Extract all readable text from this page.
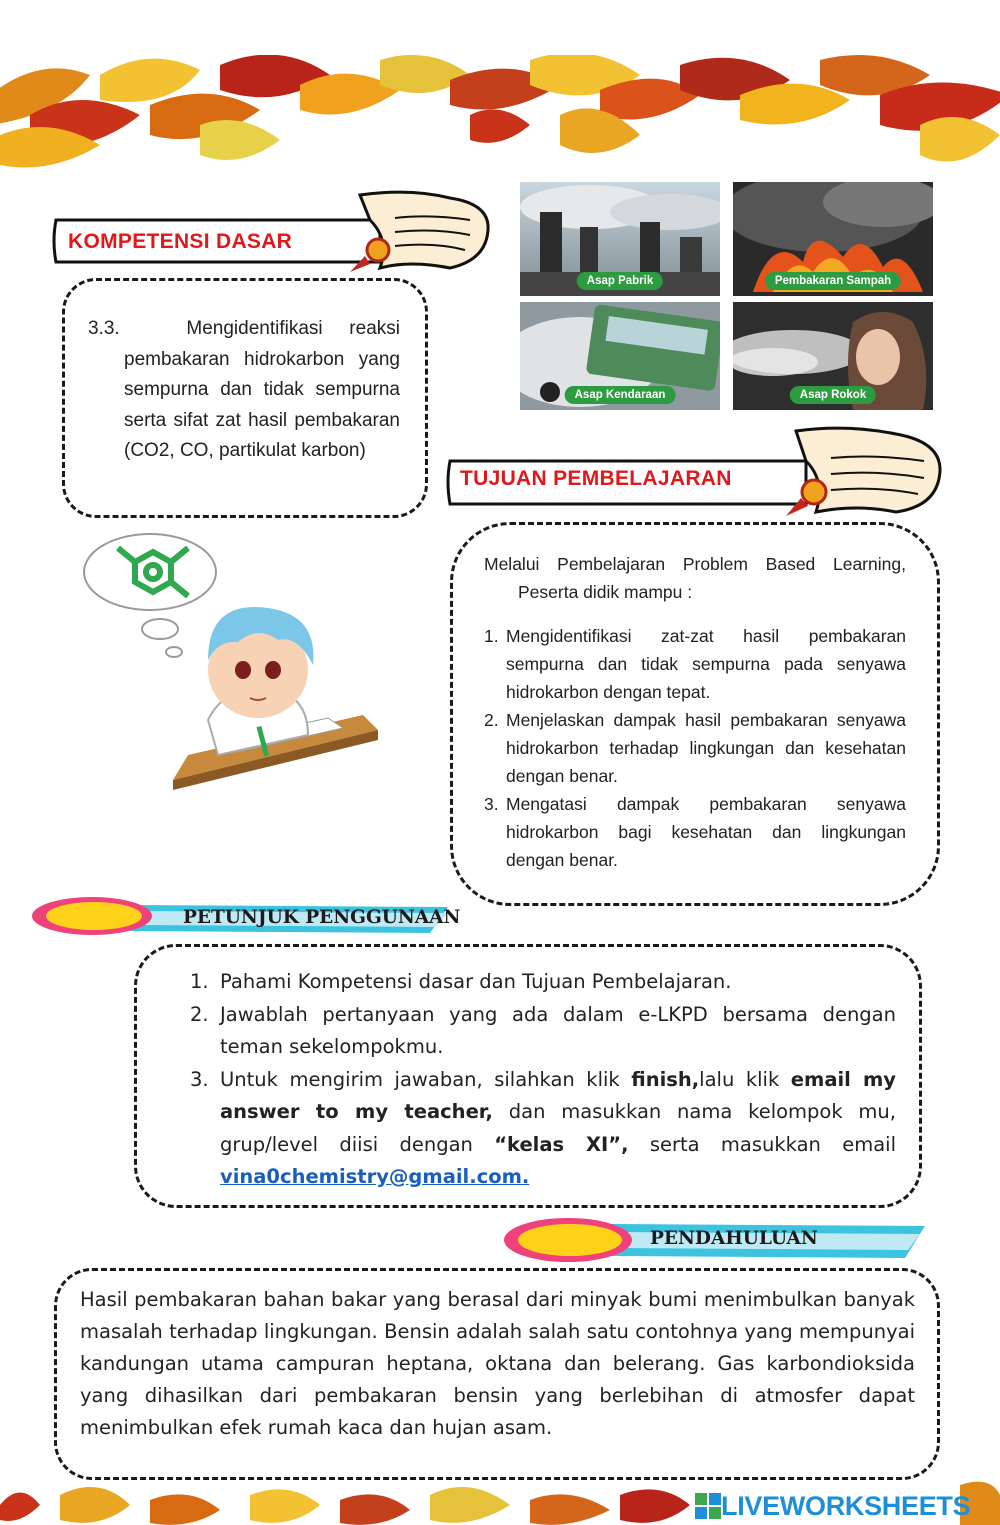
KOMPETENSI DASAR
3.3.	Mengidentifikasi reaksi
pembakaran hidrokarbon yang sempurna dan tidak sempurna serta sifat zat hasil pembakaran (CO2, CO, partikulat karbon)
Asap Pabrik	Pembakaran Sampah
Asap Kendaraan	Asap Rokok
TUJUAN PEMBELAJARAN
Melalui Pembelajaran Problem Based Learning,
Peserta didik mampu :
1. Mengidentifikasi zat-zat hasil pembakaran sempurna dan tidak sempurna pada senyawa hidrokarbon dengan tepat.
2. Menjelaskan dampak hasil pembakaran senyawa hidrokarbon terhadap lingkungan dan kesehatan dengan benar.
3. Mengatasi dampak pembakaran senyawa hidrokarbon bagi kesehatan dan lingkungan dengan benar.
PETUNJUK PENGGUNAAN
1. Pahami Kompetensi dasar dan Tujuan Pembelajaran.
2. Jawablah pertanyaan yang ada dalam e-LKPD bersama dengan teman sekelompokmu.
3. Untuk mengirim jawaban, silahkan klik finish,lalu klik email my answer to my teacher, dan masukkan nama kelompok mu, grup/level diisi dengan “kelas XI”, serta masukkan email vina0chemistry@gmail.com.
PENDAHULUAN
Hasil pembakaran bahan bakar yang berasal dari minyak bumi menimbulkan banyak masalah terhadap lingkungan. Bensin adalah salah satu contohnya yang mempunyai kandungan utama campuran heptana, oktana dan belerang. Gas karbondioksida yang dihasilkan dari pembakaran bensin yang berlebihan di atmosfer dapat menimbulkan efek rumah kaca dan hujan asam.
LIVEWORKSHEETS
